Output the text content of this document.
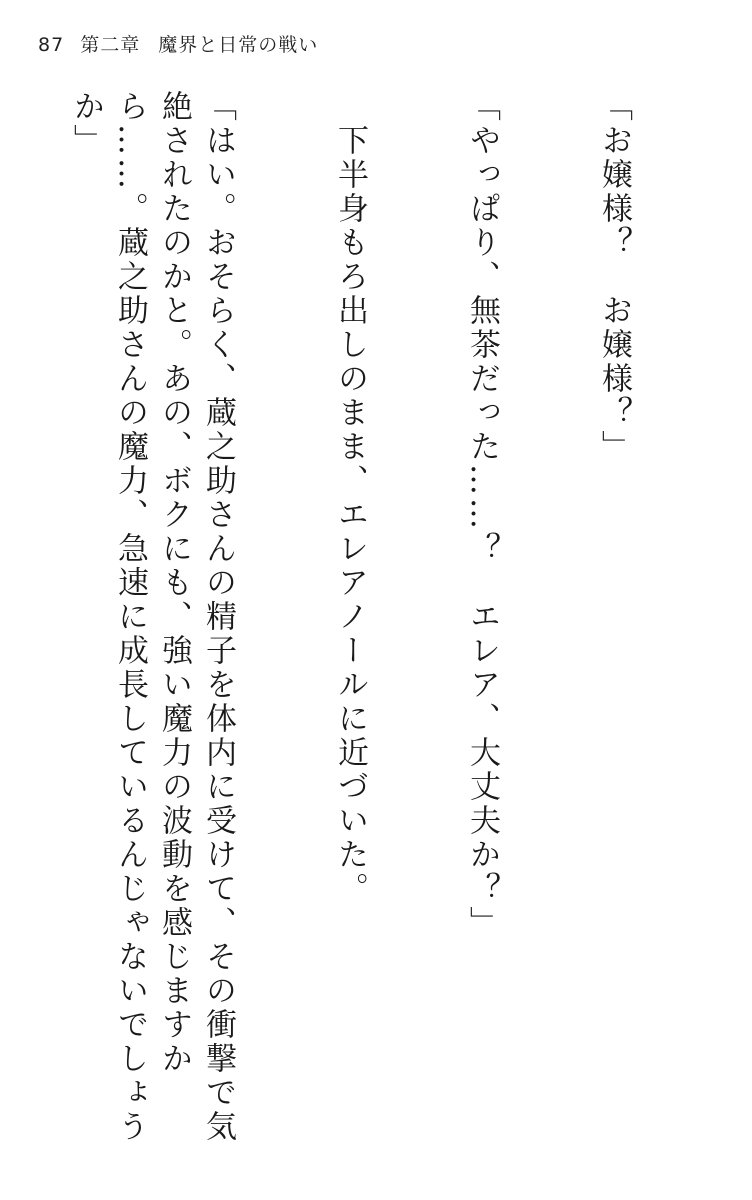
87 第二章 魔界と日常の戦い

「お嬢様？　お嬢様？」

「やっぱり、無茶だった……？　エレア、大丈夫か？」

　下半身もろ出しのまま、エレアノールに近づいた。

「はい。おそらく、蔵之助さんの精子を体内に受けて、その衝撃で気絶されたのかと。あの、ボクにも、強い魔力の波動を感じますから……。蔵之助さんの魔力、急速に成長しているんじゃないでしょうか」
